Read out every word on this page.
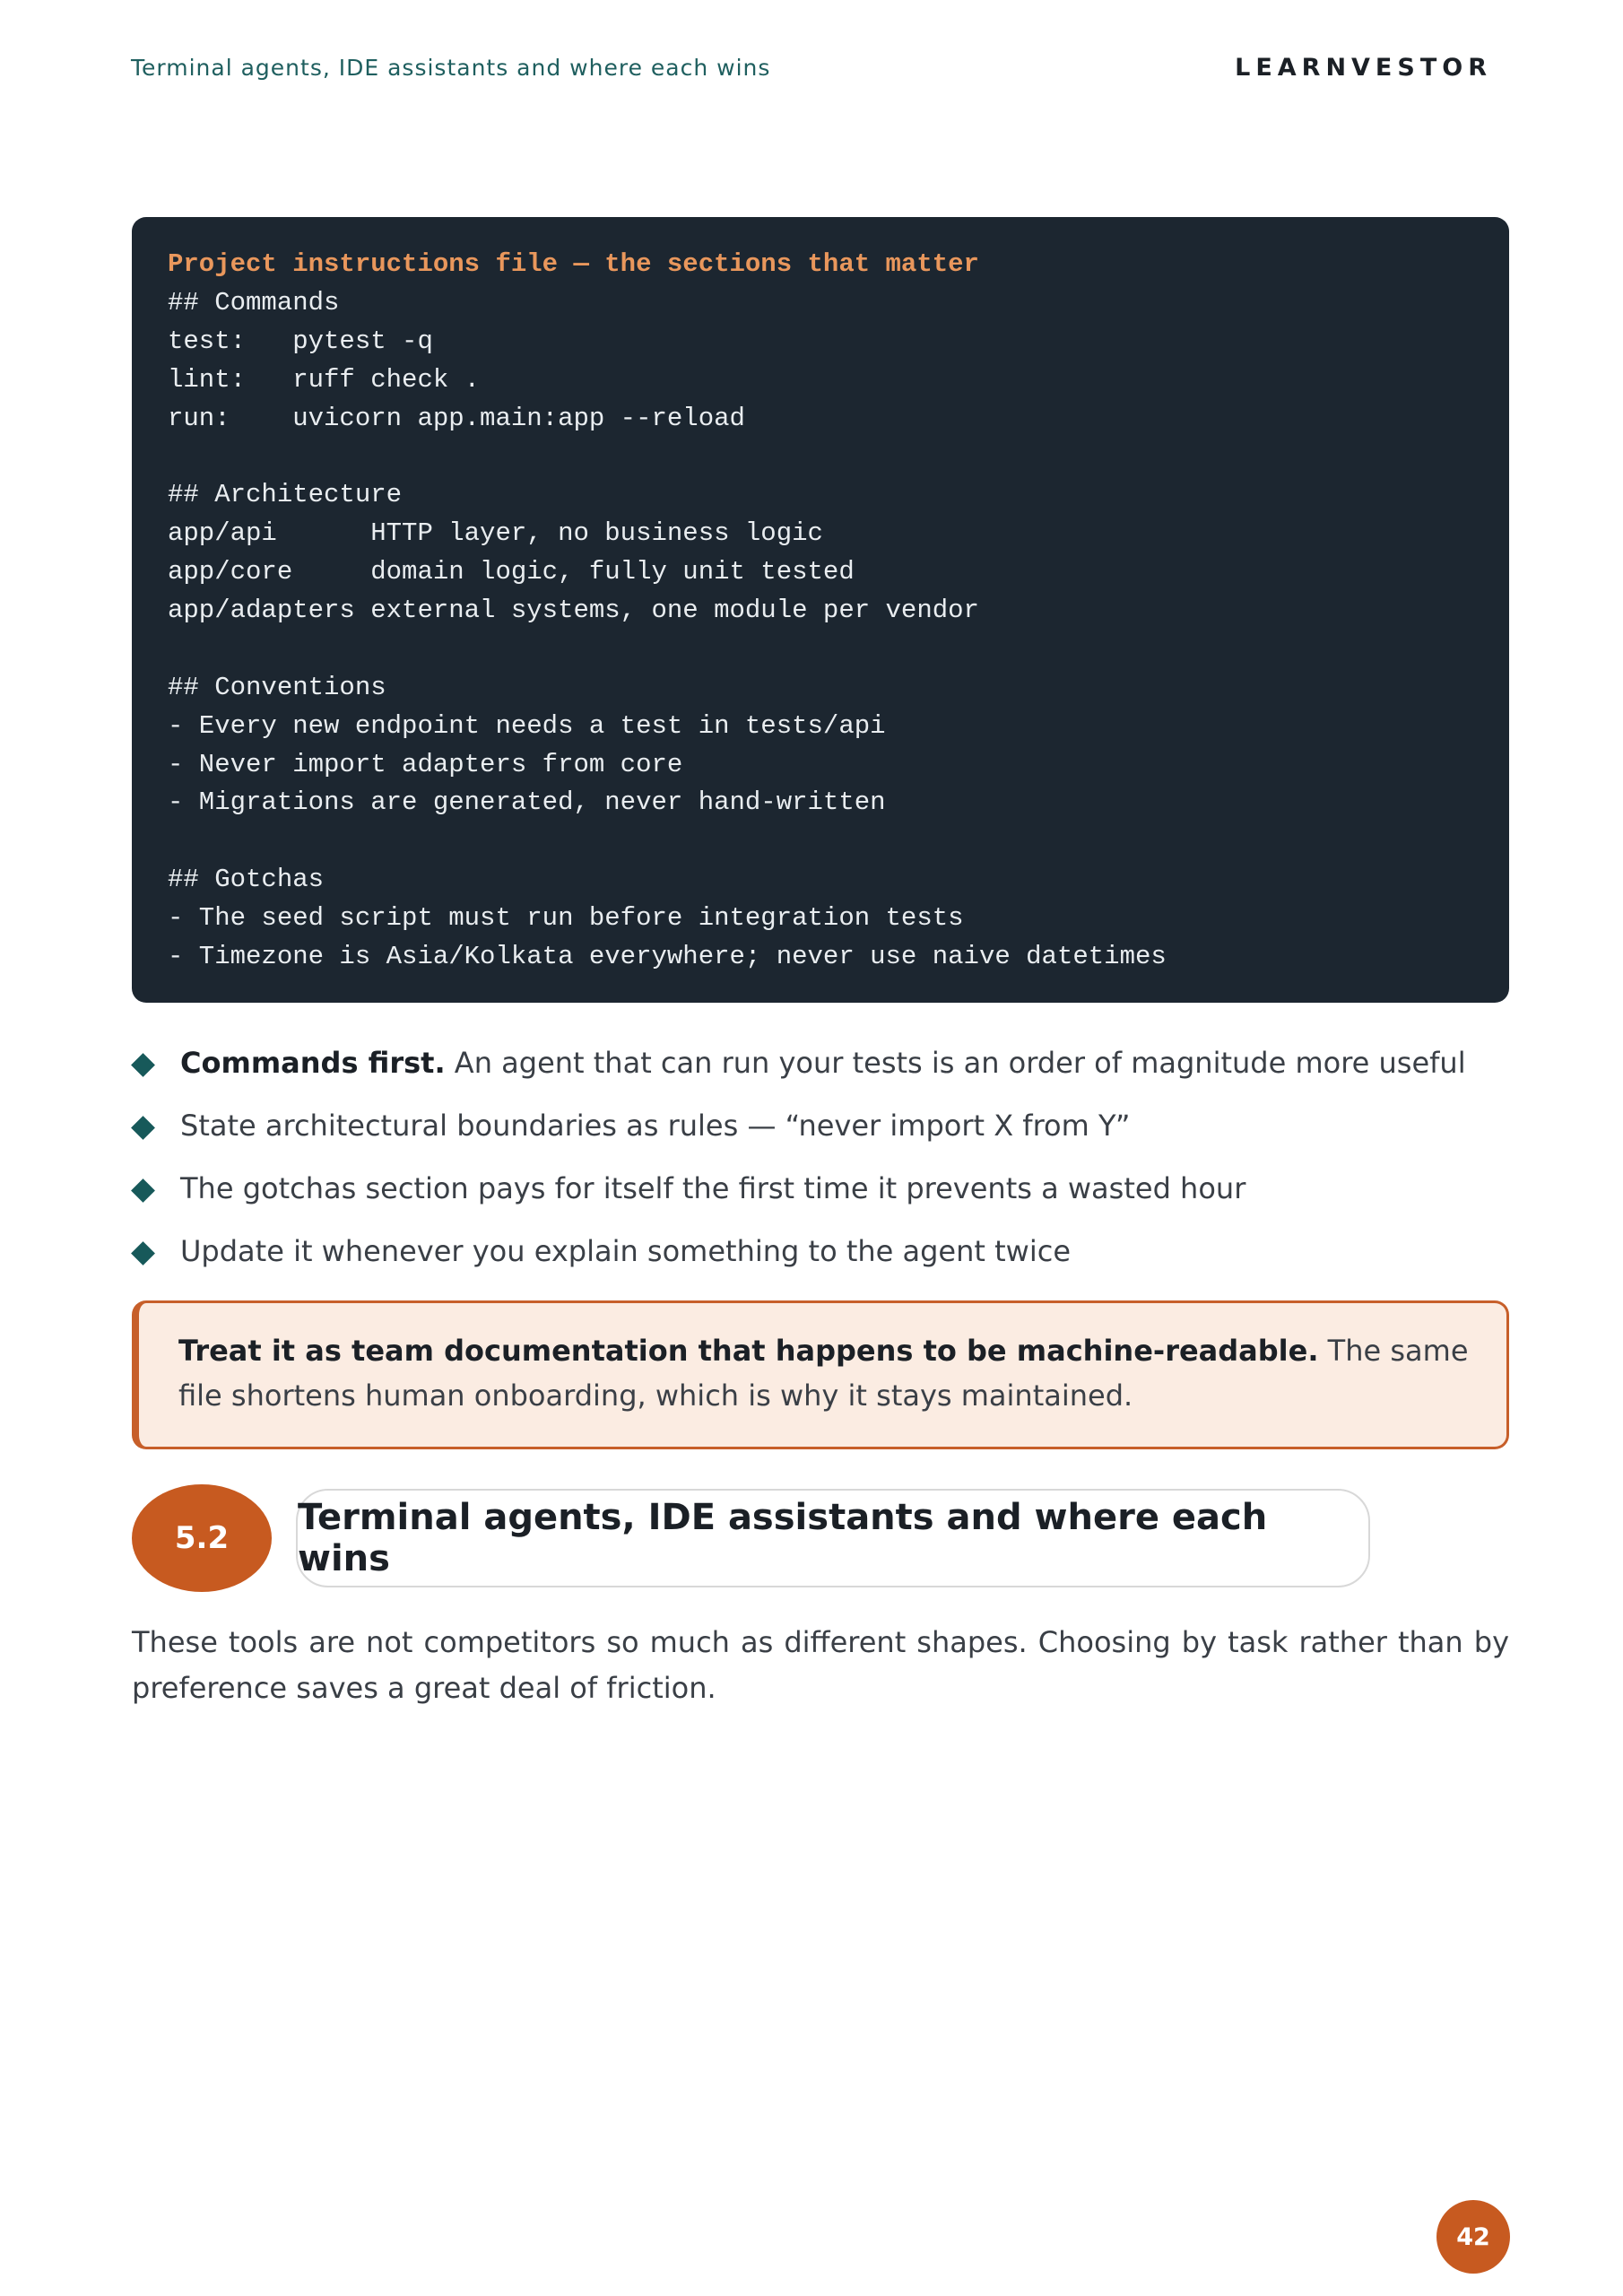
Terminal agents, IDE assistants and where each wins	LEARNVESTOR
Project instructions file — the sections that matter
## Commands
test:   pytest -q
lint:   ruff check .
run:    uvicorn app.main:app --reload
## Architecture
app/api      HTTP layer, no business logic
app/core     domain logic, fully unit tested
app/adapters external systems, one module per vendor
## Conventions
- Every new endpoint needs a test in tests/api
- Never import adapters from core
- Migrations are generated, never hand-written
## Gotchas
- The seed script must run before integration tests
- Timezone is Asia/Kolkata everywhere; never use naive datetimes
Commands first. An agent that can run your tests is an order of magnitude more useful
State architectural boundaries as rules — “never import X from Y”
The gotchas section pays for itself the first time it prevents a wasted hour
Update it whenever you explain something to the agent twice
Treat it as team documentation that happens to be machine-readable. The same file shortens human onboarding, which is why it stays maintained.
5.2	Terminal agents, IDE assistants and where each wins
These tools are not competitors so much as different shapes. Choosing by task rather than by preference saves a great deal of friction.
42
